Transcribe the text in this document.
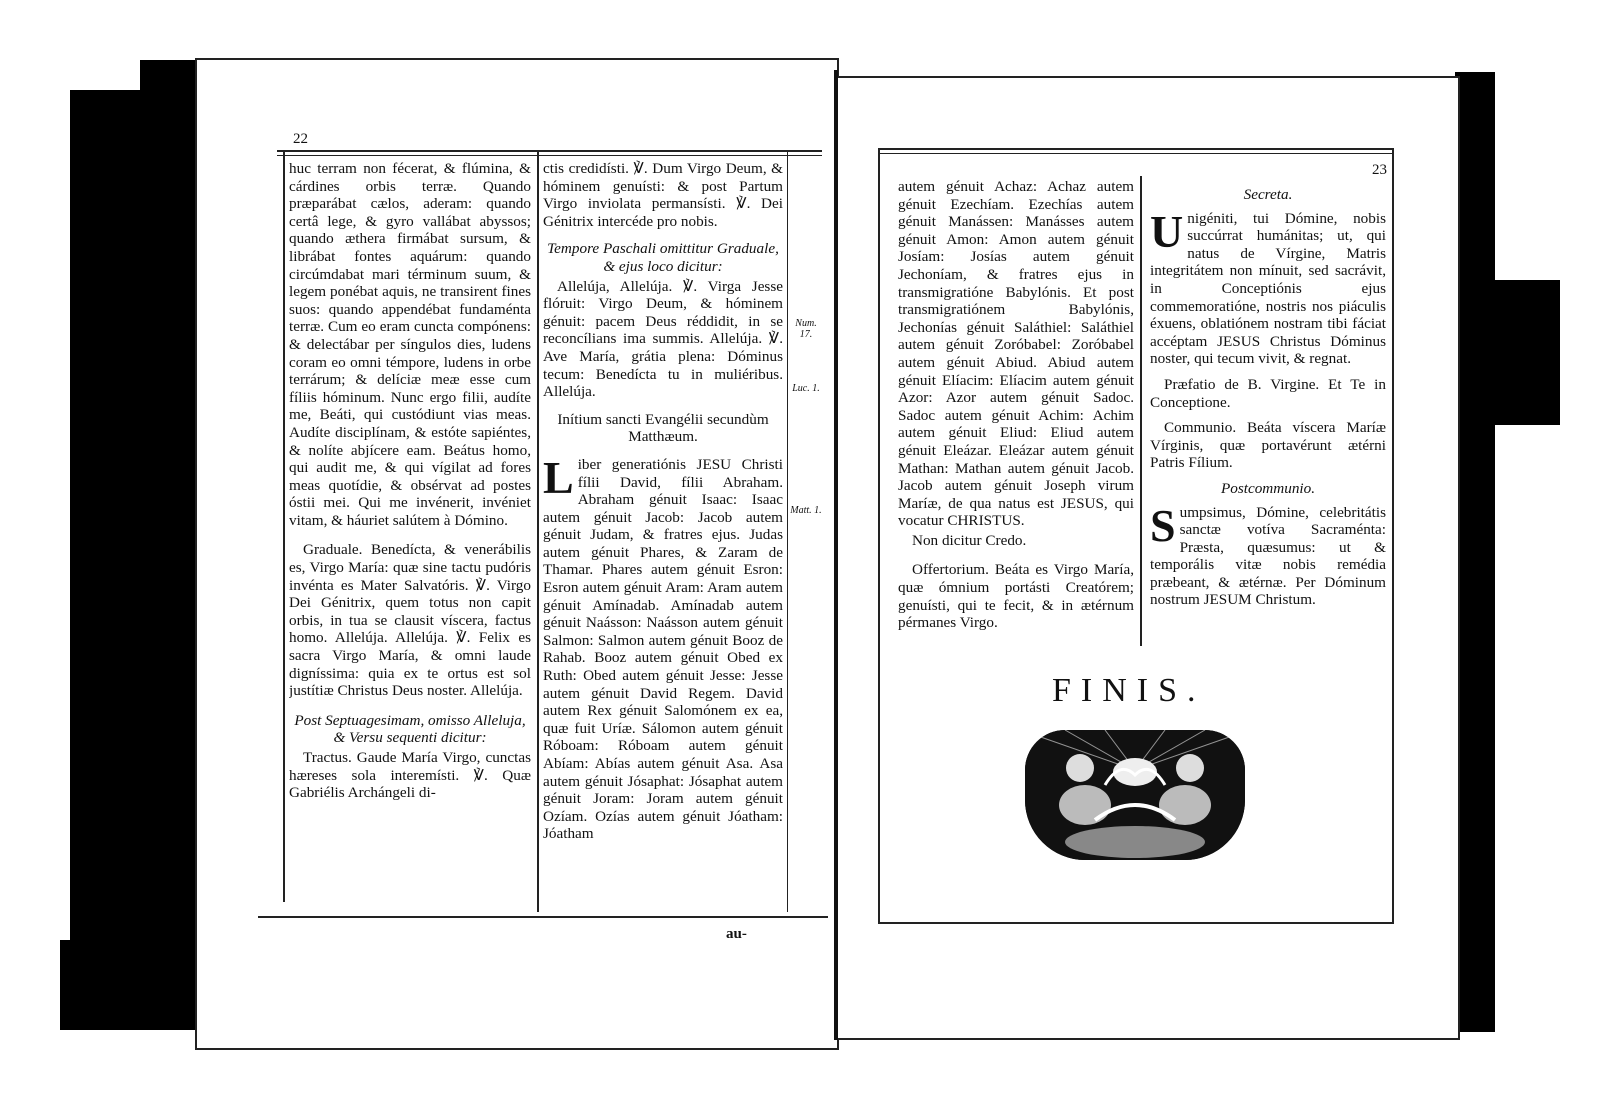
22

huc terram non fécerat, & flúmina, & cárdines orbis terræ. Quando præparábat cælos, aderam: quando certâ lege, & gyro vallábat abyssos; quando æthera firmábat sursum, & librábat fontes aquárum: quando circúmdabat mari términum suum, & legem ponébat aquis, ne transirent fines suos: quando appendébat fundaménta terræ. Cum eo eram cuncta compónens: & delectábar per síngulos dies, ludens coram eo omni témpore, ludens in orbe terrárum; & delíciæ meæ esse cum fíliis hóminum. Nunc ergo filii, audíte me, Beáti, qui custódiunt vias meas. Audíte disciplínam, & estóte sapiéntes, & nolíte abjícere eam. Beátus homo, qui audit me, & qui vígilat ad fores meas quotídie, & obsérvat ad postes óstii mei. Qui me invénerit, invéniet vitam, & háuriet salútem à Dómino.

Graduale. Benedícta, & venerábilis es, Virgo María: quæ sine tactu pudóris invénta es Mater Salvatóris. ℣. Virgo Dei Génitrix, quem totus non capit orbis, in tua se clausit víscera, factus homo. Allelúja. Allelúja. ℣. Felix es sacra Virgo María, & omni laude digníssima: quia ex te ortus est sol justítiæ Christus Deus noster. Allelúja.

Post Septuagesimam, omisso Alleluja, & Versu sequenti dicitur:

Tractus. Gaude María Virgo, cunctas hæreses sola interemísti. ℣. Quæ Gabriélis Archángeli di-

ctis credidísti. ℣. Dum Virgo Deum, & hóminem genuísti: & post Partum Virgo inviolata permansísti. ℣. Dei Génitrix intercéde pro nobis.

Tempore Paschali omittitur Graduale, & ejus loco dicitur:

Allelúja, Allelúja. ℣. Virga Jesse flóruit: Virgo Deum, & hóminem génuit: pacem Deus réddidit, in se reconcílians ima summis. Allelúja. ℣. Ave María, grátia plena: Dóminus tecum: Benedícta tu in muliéribus. Allelúja.

Inítium sancti Evangélii secundùm Matthæum.

Liber generatiónis JESU Christi fílii David, fílii Abraham. Abraham génuit Isaac: Isaac autem génuit Jacob: Jacob autem génuit Judam, & fratres ejus. Judas autem génuit Phares, & Zaram de Thamar. Phares autem génuit Esron: Esron autem génuit Aram: Aram autem génuit Amínadab. Amínadab autem génuit Naásson: Naásson autem génuit Salmon: Salmon autem génuit Booz de Rahab. Booz autem génuit Obed ex Ruth: Obed autem génuit Jesse: Jesse autem génuit David Regem. David autem Rex génuit Salomónem ex ea, quæ fuit Uríæ. Sálomon autem génuit Róboam: Róboam autem génuit Abíam: Abías autem génuit Asa. Asa autem génuit Jósaphat: Jósaphat autem génuit Joram: Joram autem génuit Ozíam. Ozías autem génuit Jóatham: Jóatham

Num. 17.
Luc. 1.
Matt. 1.
au-
23

autem génuit Achaz: Achaz autem génuit Ezechíam. Ezechías autem génuit Manássen: Manásses autem génuit Amon: Amon autem génuit Josíam: Josías autem génuit Jechoníam, & fratres ejus in transmigratióne Babylónis. Et post transmigratiónem Babylónis, Jechonías génuit Saláthiel: Saláthiel autem génuit Zoróbabel: Zoróbabel autem génuit Abiud. Abiud autem génuit Elíacim: Elíacim autem génuit Azor: Azor autem génuit Sadoc. Sadoc autem génuit Achim: Achim autem génuit Eliud: Eliud autem génuit Eleázar. Eleázar autem génuit Mathan: Mathan autem génuit Jacob. Jacob autem génuit Joseph virum Maríæ, de qua natus est JESUS, qui vocatur CHRISTUS.

Non dicitur Credo.

Offertorium. Beáta es Virgo María, quæ ómnium portásti Creatórem; genuísti, qui te fecit, & in ætérnum pérmanes Virgo.

Secreta.

Unigéniti, tui Dómine, nobis succúrrat humánitas; ut, qui natus de Vírgine, Matris integritátem non mínuit, sed sacrávit, in Conceptiónis ejus commemoratióne, nostris nos piáculis éxuens, oblatiónem nostram tibi fáciat accéptam JESUS Christus Dóminus noster, qui tecum vivit, & regnat.

Præfatio de B. Virgine. Et Te in Conceptione.

Communio. Beáta víscera Maríæ Vírginis, quæ portavérunt ætérni Patris Fílium.

Postcommunio.

Sumpsimus, Dómine, celebritátis sanctæ votíva Sacraménta: Præsta, quæsumus: ut & temporális vitæ nobis remédia præbeant, & ætérnæ. Per Dóminum nostrum JESUM Christum.

FINIS.
